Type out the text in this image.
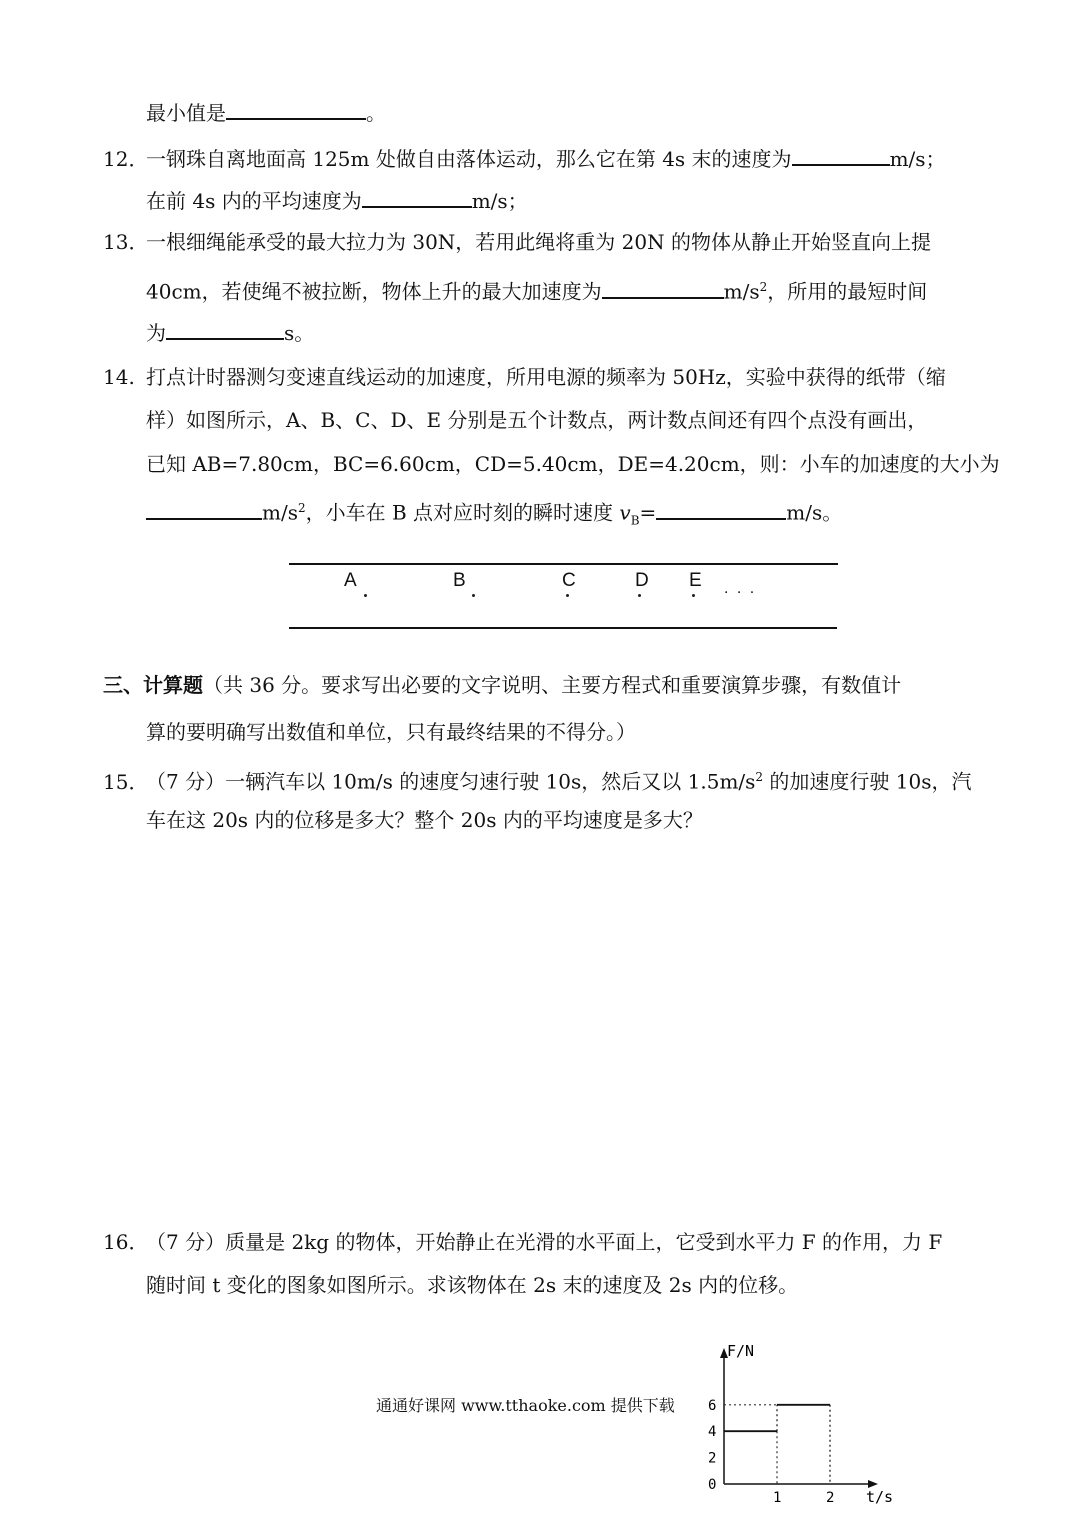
最小值是	。
12．一钢珠自离地面高 125m 处做自由落体运动，那么它在第 4s 末的速度为	m/s；
在前 4s 内的平均速度为	m/s；
13．一根细绳能承受的最大拉力为 30N，若用此绳将重为 20N 的物体从静止开始竖直向上提
40cm，若使绳不被拉断，物体上升的最大加速度为	$m/s^2$，所用的最短时间
为	s。
14. 打点计时器测匀变速直线运动的加速度，所用电源的频率为 50Hz，实验中获得的纸带（缩
样）如图所示，A、B、C、D、E 分别是五个计数点，两计数点间还有四个点没有画出，
已知 AB=7.80cm，BC=6.60cm，CD=5.40cm，DE=4.20cm，则：小车的加速度的大小为
$m/s^2$，小车在 B 点对应时刻的瞬时速度 $v_B=$	m/s。
A	B	C	D E . . .
三、计算题（共 36 分。要求写出必要的文字说明、主要方程式和重要演算步骤，有数值计
算的要明确写出数值和单位，只有最终结果的不得分。）
15．（7 分）一辆汽车以 10m/s 的速度匀速行驶 10s，然后又以 $1.5m/s^2$ 的加速度行驶 10s，汽
车在这 20s 内的位移是多大？整个 20s 内的平均速度是多大？
16．（7 分）质量是 2kg 的物体，开始静止在光滑的水平面上，它受到水平力 F 的作用，力 F
随时间 t 变化的图象如图所示。求该物体在 2s 末的速度及 2s 内的位移。
通通好课网 www.tthaoke.com 提供下载
F/N
t/s
0
2
4
6
1	2
